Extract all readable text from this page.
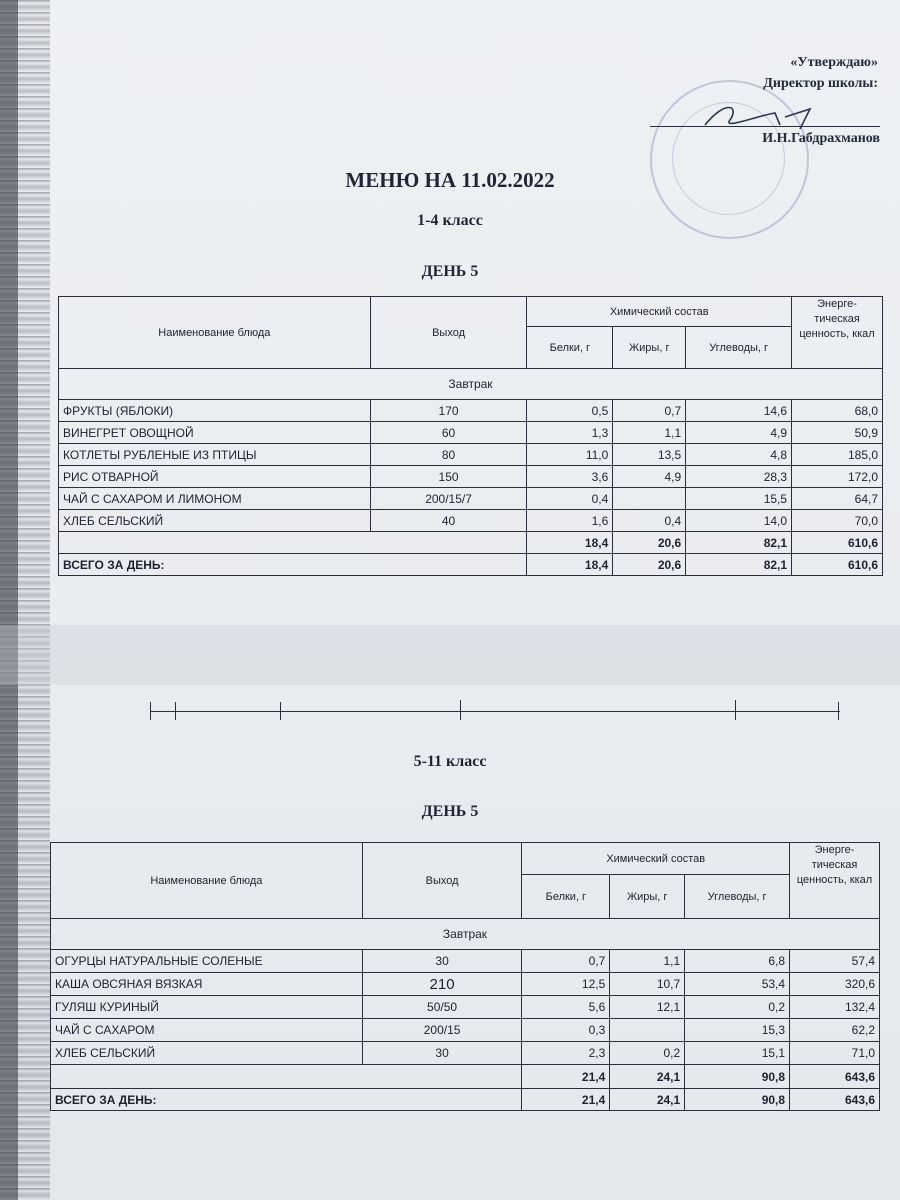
«Утверждаю»
Директор школы:
И.Н.Габдрахманов
МЕНЮ НА 11.02.2022
1-4 класс
ДЕНЬ 5
Наименование блюда	Выход	Химический состав			Энерге-тическая ценность, ккал
		Белки, г	Жиры, г	Углеводы, г	
Завтрак					
ФРУКТЫ (ЯБЛОКИ)	170	0,5	0,7	14,6	68,0
ВИНЕГРЕТ ОВОЩНОЙ	60	1,3	1,1	4,9	50,9
КОТЛЕТЫ РУБЛЕНЫЕ ИЗ ПТИЦЫ	80	11,0	13,5	4,8	185,0
РИС ОТВАРНОЙ	150	3,6	4,9	28,3	172,0
ЧАЙ С САХАРОМ И ЛИМОНОМ	200/15/7	0,4		15,5	64,7
ХЛЕБ СЕЛЬСКИЙ	40	1,6	0,4	14,0	70,0
		18,4	20,6	82,1	610,6
ВСЕГО ЗА ДЕНЬ:		18,4	20,6	82,1	610,6
5-11 класс
ДЕНЬ 5
Наименование блюда	Выход	Химический состав			Энерге-тическая ценность, ккал
		Белки, г	Жиры, г	Углеводы, г	
Завтрак					
ОГУРЦЫ НАТУРАЛЬНЫЕ СОЛЕНЫЕ	30	0,7	1,1	6,8	57,4
КАША ОВСЯНАЯ ВЯЗКАЯ	210	12,5	10,7	53,4	320,6
ГУЛЯШ КУРИНЫЙ	50/50	5,6	12,1	0,2	132,4
ЧАЙ С САХАРОМ	200/15	0,3		15,3	62,2
ХЛЕБ СЕЛЬСКИЙ	30	2,3	0,2	15,1	71,0
		21,4	24,1	90,8	643,6
ВСЕГО ЗА ДЕНЬ:		21,4	24,1	90,8	643,6
